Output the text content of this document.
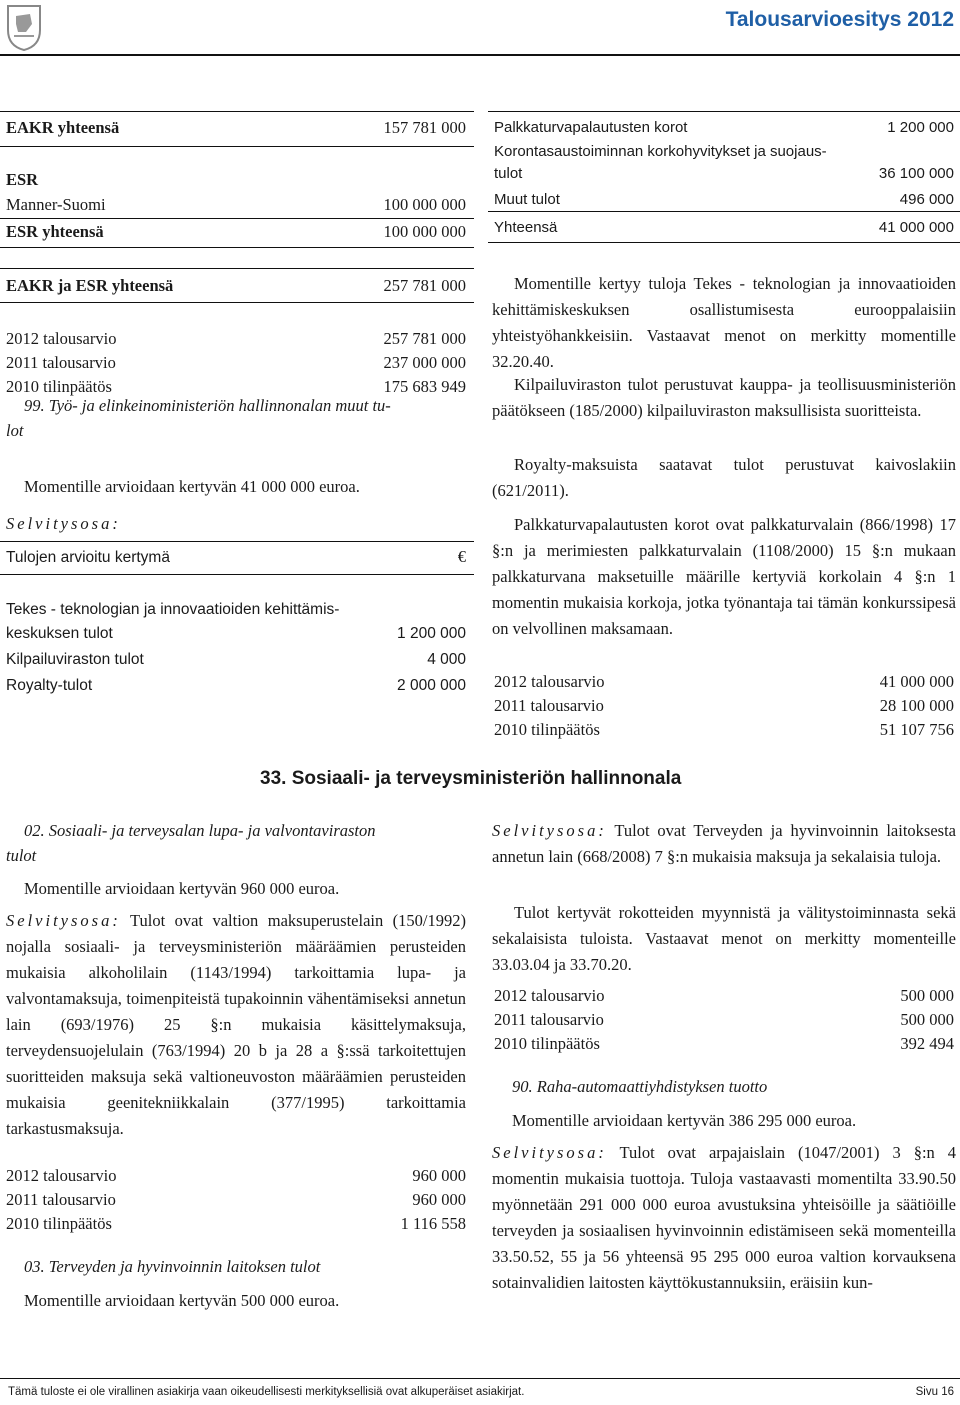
Talousarvioesitys 2012
EAKR yhteensä	157 781 000
ESR
Manner-Suomi	100 000 000
ESR yhteensä	100 000 000
EAKR ja ESR yhteensä	257 781 000
2012 talousarvio	257 781 000
2011 talousarvio	237 000 000
2010 tilinpäätös	175 683 949
99. Työ- ja elinkeinoministeriön hallinnonalan muut tu-
lot
Momentille arvioidaan kertyvän 41 000 000 euroa.
Selvitysosa:
Tulojen arvioitu kertymä	€
Tekes - teknologian ja innovaatioiden kehittämis-
keskuksen tulot	1 200 000
Kilpailuviraston tulot	4 000
Royalty-tulot	2 000 000
Palkkaturvapalautusten korot	1 200 000
Korontasaustoiminnan korkohyvitykset ja suojaus-
tulot	36 100 000
Muut tulot	496 000
Yhteensä	41 000 000
Momentille kertyy tuloja Tekes - teknologian ja innovaatioiden kehittämiskeskuksen osallistumisesta eurooppalaisiin yhteistyöhankkeisiin. Vastaavat menot on merkitty momentille 32.20.40.
Kilpailuviraston tulot perustuvat kauppa- ja teollisuusministeriön päätökseen (185/2000) kilpailuviraston maksullisista suoritteista.
Royalty-maksuista saatavat tulot perustuvat kaivoslakiin (621/2011).
Palkkaturvapalautusten korot ovat palkkaturvalain (866/1998) 17 §:n ja merimiesten palkkaturvalain (1108/2000) 15 §:n mukaan palkkaturvana maksetuille määrille kertyviä korkolain 4 §:n 1 momentin mukaisia korkoja, jotka työnantaja tai tämän konkurssipesä on velvollinen maksamaan.
2012 talousarvio	41 000 000
2011 talousarvio	28 100 000
2010 tilinpäätös	51 107 756
33. Sosiaali- ja terveysministeriön hallinnonala
02. Sosiaali- ja terveysalan lupa- ja valvontaviraston
tulot
Momentille arvioidaan kertyvän 960 000 euroa.
Selvitysosa: Tulot ovat valtion maksuperustelain (150/1992) nojalla sosiaali- ja terveysministeriön määräämien perusteiden mukaisia alkoholilain (1143/1994) tarkoittamia lupa- ja valvontamaksuja, toimenpiteistä tupakoinnin vähentämiseksi annetun lain (693/1976) 25 §:n mukaisia käsittelymaksuja, terveydensuojelulain (763/1994) 20 b ja 28 a §:ssä tarkoitettujen suoritteiden maksuja sekä valtioneuvoston määräämien perusteiden mukaisia geenitekniikkalain (377/1995) tarkoittamia tarkastusmaksuja.
2012 talousarvio	960 000
2011 talousarvio	960 000
2010 tilinpäätös	1 116 558
03. Terveyden ja hyvinvoinnin laitoksen tulot
Momentille arvioidaan kertyvän 500 000 euroa.
Selvitysosa: Tulot ovat Terveyden ja hyvinvoinnin laitoksesta annetun lain (668/2008) 7 §:n mukaisia maksuja ja sekalaisia tuloja.
Tulot kertyvät rokotteiden myynnistä ja välitystoiminnasta sekä sekalaisista tuloista. Vastaavat menot on merkitty momenteille 33.03.04 ja 33.70.20.
2012 talousarvio	500 000
2011 talousarvio	500 000
2010 tilinpäätös	392 494
90. Raha-automaattiyhdistyksen tuotto
Momentille arvioidaan kertyvän 386 295 000 euroa.
Selvitysosa: Tulot ovat arpajaislain (1047/2001) 3 §:n 4 momentin mukaisia tuottoja. Tuloja vastaavasti momentilta 33.90.50 myönnetään 291 000 000 euroa avustuksina yhteisöille ja säätiöille terveyden ja sosiaalisen hyvinvoinnin edistämiseen sekä momenteilla 33.50.52, 55 ja 56 yhteensä 95 295 000 euroa valtion korvauksena sotainvalidien laitosten käyttökustannuksiin, eräisiin kun-
Tämä tuloste ei ole virallinen asiakirja vaan oikeudellisesti merkityksellisiä ovat alkuperäiset asiakirjat.	Sivu 16
